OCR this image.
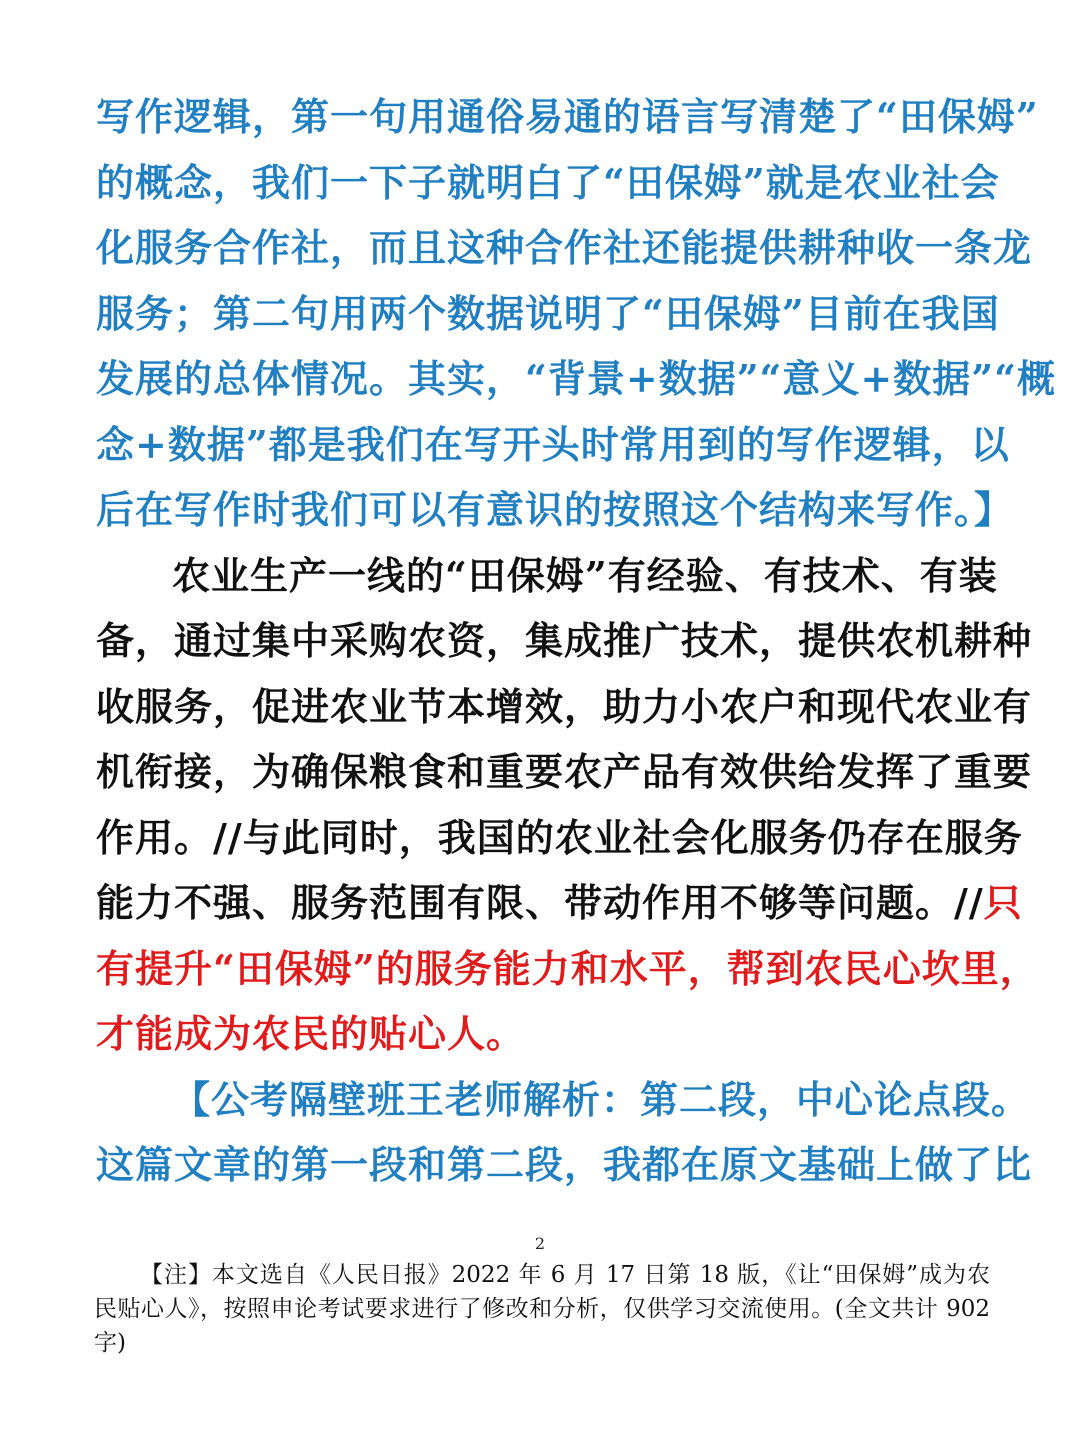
写作逻辑，第一句用通俗易通的语言写清楚了“田保姆”
的概念，我们一下子就明白了“田保姆”就是农业社会
化服务合作社，而且这种合作社还能提供耕种收一条龙
服务；第二句用两个数据说明了“田保姆”目前在我国
发展的总体情况。其实，“背景+数据”“意义+数据”“概
念+数据”都是我们在写开头时常用到的写作逻辑，以
后在写作时我们可以有意识的按照这个结构来写作。】
农业生产一线的“田保姆”有经验、有技术、有装
备，通过集中采购农资，集成推广技术，提供农机耕种
收服务，促进农业节本增效，助力小农户和现代农业有
机衔接，为确保粮食和重要农产品有效供给发挥了重要
作用。//与此同时，我国的农业社会化服务仍存在服务
能力不强、服务范围有限、带动作用不够等问题。//只
有提升“田保姆”的服务能力和水平，帮到农民心坎里，
才能成为农民的贴心人。
【公考隔壁班王老师解析：第二段，中心论点段。
这篇文章的第一段和第二段，我都在原文基础上做了比
2
【注】本文选自《人民日报》2022 年 6 月 17 日第 18 版，《让“田保姆”成为农
民贴心人》，按照申论考试要求进行了修改和分析，仅供学习交流使用。(全文共计 902
字)
